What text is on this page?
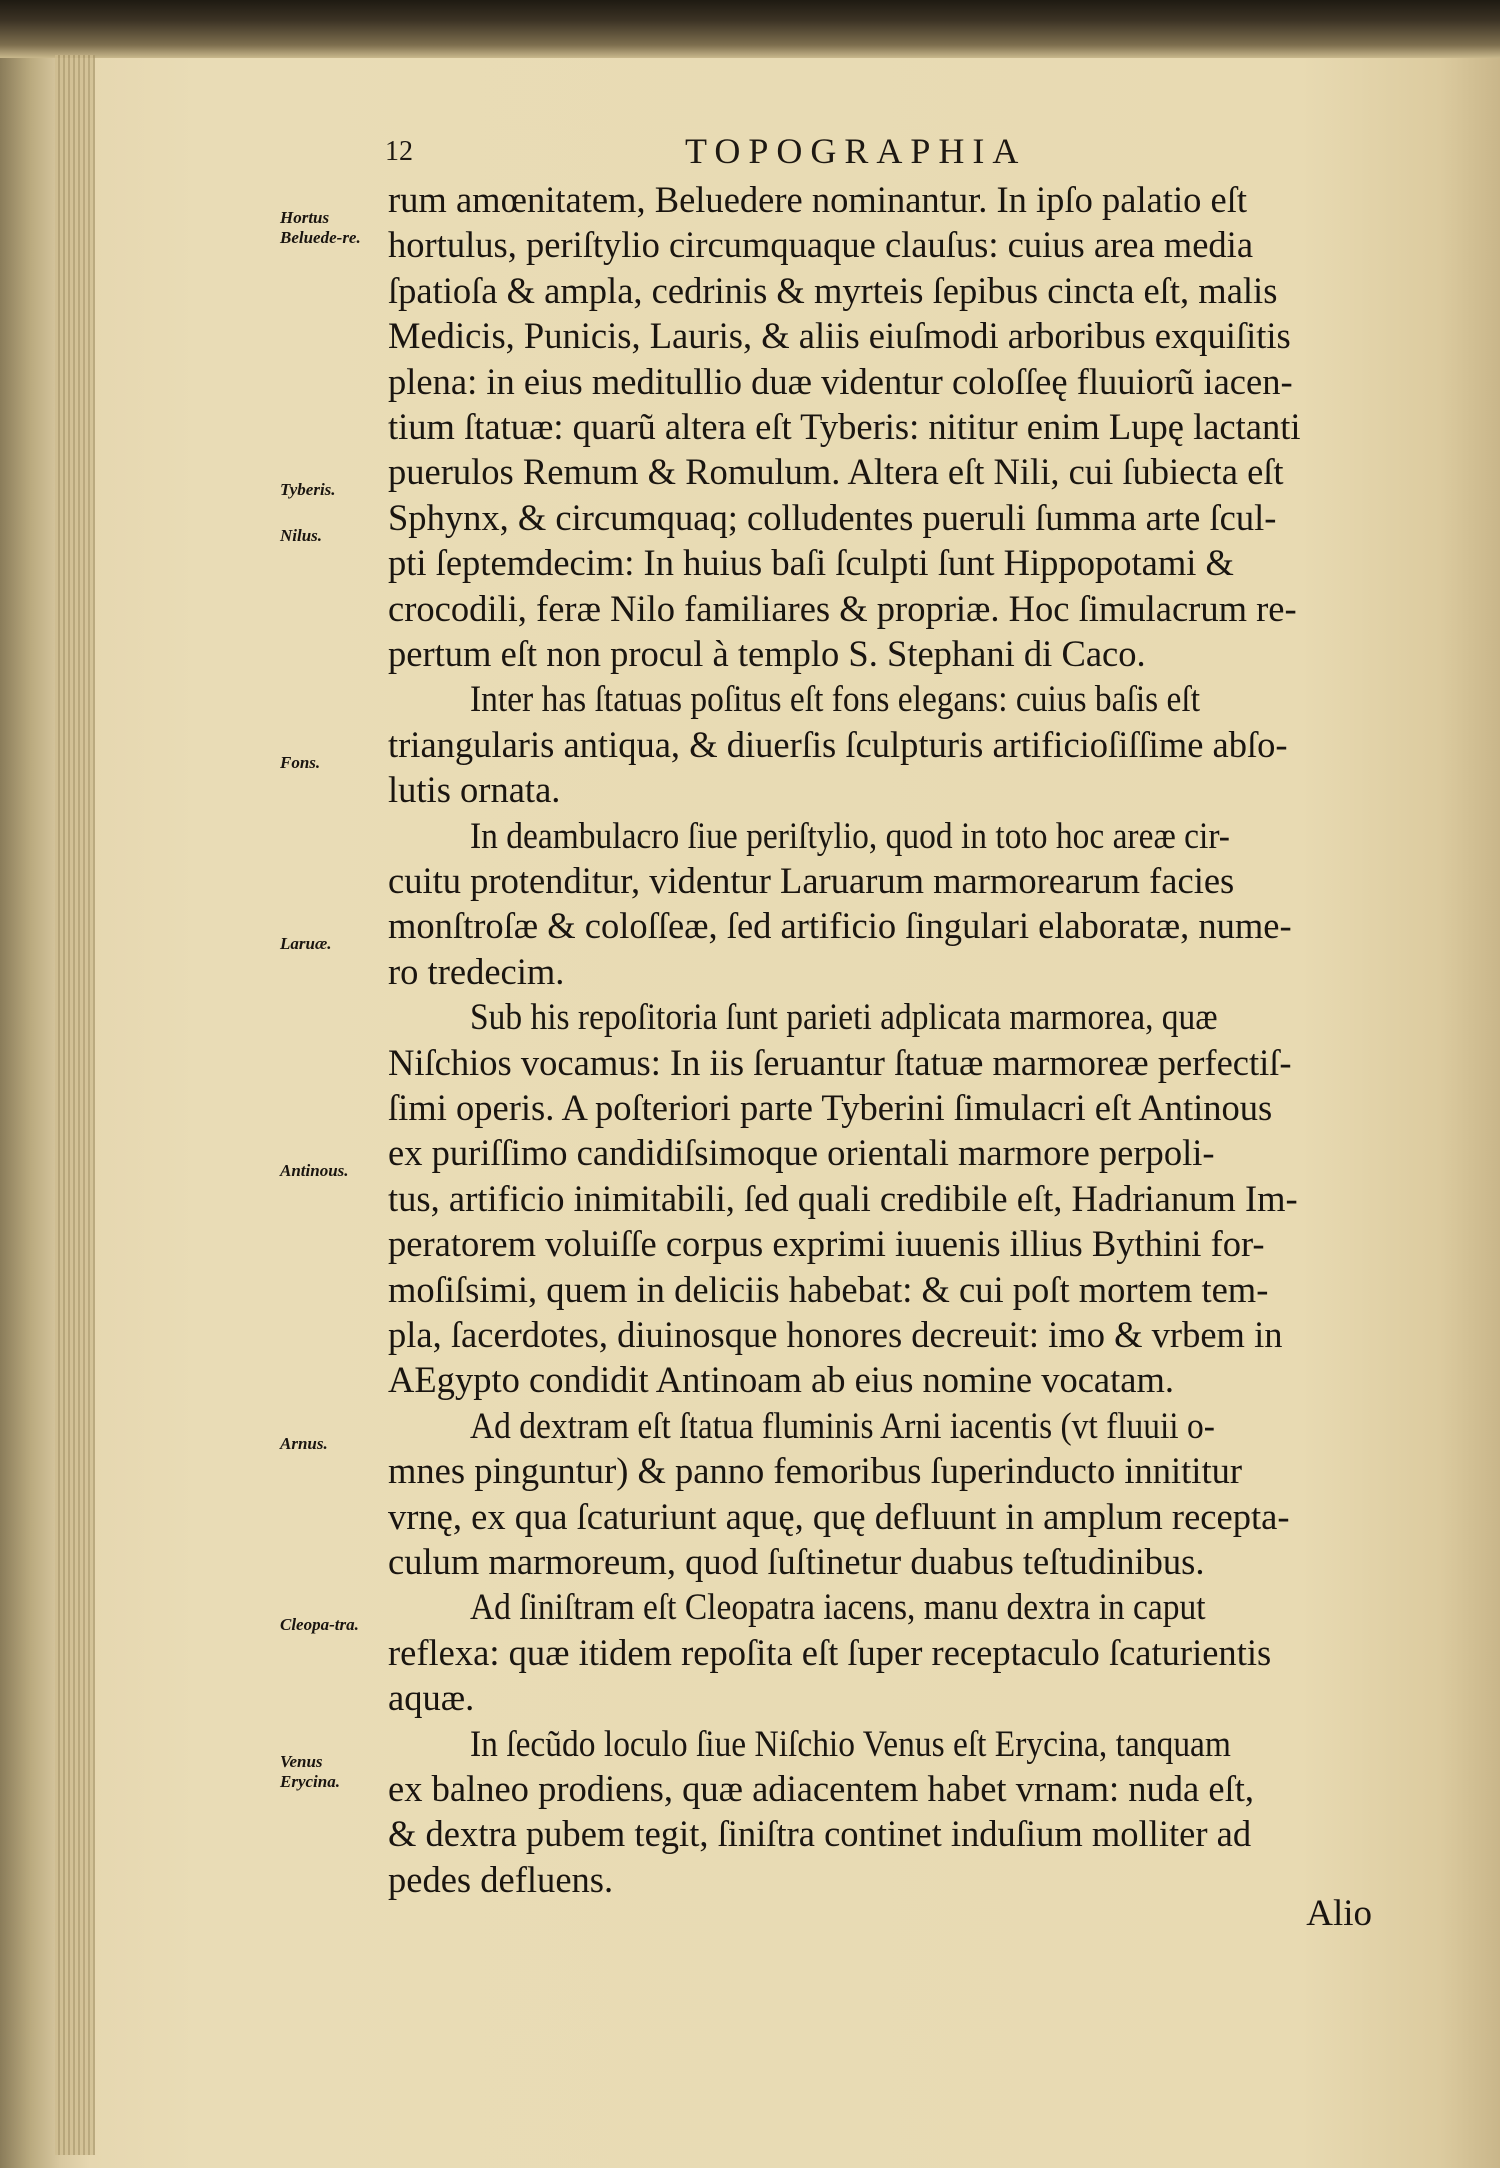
12	TOPOGRAPHIA
rum amœnitatem, Beluedere nominantur. In ipſo palatio eſt
hortulus, periſtylio circumquaque clauſus: cuius area media
ſpatioſa & ampla, cedrinis & myrteis ſepibus cincta eſt, malis
Medicis, Punicis, Lauris, & aliis eiuſmodi arboribus exquiſitis
plena: in eius meditullio duæ videntur coloſſeę fluuiorũ iacen-
tium ſtatuæ: quarũ altera eſt Tyberis: nititur enim Lupę lactanti
puerulos Remum & Romulum. Altera eſt Nili, cui ſubiecta eſt
Sphynx, & circumquaq; colludentes pueruli ſumma arte ſcul-
pti ſeptemdecim: In huius baſi ſculpti ſunt Hippopotami &
crocodili, feræ Nilo familiares & propriæ. Hoc ſimulacrum re-
pertum eſt non procul à templo S. Stephani di Caco.
Inter has ſtatuas poſitus eſt fons elegans: cuius baſis eſt
triangularis antiqua, & diuerſis ſculpturis artificioſiſſime abſo-
lutis ornata.
In deambulacro ſiue periſtylio, quod in toto hoc areæ cir-
cuitu protenditur, videntur Laruarum marmorearum facies
monſtroſæ & coloſſeæ, ſed artificio ſingulari elaboratæ, nume-
ro tredecim.
Sub his repoſitoria ſunt parieti adplicata marmorea, quæ
Niſchios vocamus: In iis ſeruantur ſtatuæ marmoreæ perfectiſ-
ſimi operis. A poſteriori parte Tyberini ſimulacri eſt Antinous
ex puriſſimo candidiſsimoque orientali marmore perpoli-
tus, artificio inimitabili, ſed quali credibile eſt, Hadrianum Im-
peratorem voluiſſe corpus exprimi iuuenis illius Bythini for-
moſiſsimi, quem in deliciis habebat: & cui poſt mortem tem-
pla, ſacerdotes, diuinosque honores decreuit: imo & vrbem in
AEgypto condidit Antinoam ab eius nomine vocatam.
Ad dextram eſt ſtatua fluminis Arni iacentis (vt fluuii o-
mnes pinguntur) & panno femoribus ſuperinducto innititur
vrnę, ex qua ſcaturiunt aquę, quę defluunt in amplum recepta-
culum marmoreum, quod ſuſtinetur duabus teſtudinibus.
Ad ſiniſtram eſt Cleopatra iacens, manu dextra in caput
reflexa: quæ itidem repoſita eſt ſuper receptaculo ſcaturientis
aquæ.
In ſecũdo loculo ſiue Niſchio Venus eſt Erycina, tanquam
ex balneo prodiens, quæ adiacentem habet vrnam: nuda eſt,
& dextra pubem tegit, ſiniſtra continet induſium molliter ad
pedes defluens.
Hortus Beluede-re.
Tyberis.
Nilus.
Fons.
Laruæ.
Antinous.
Arnus.
Cleopa-tra.
Venus Erycina.
Alio
